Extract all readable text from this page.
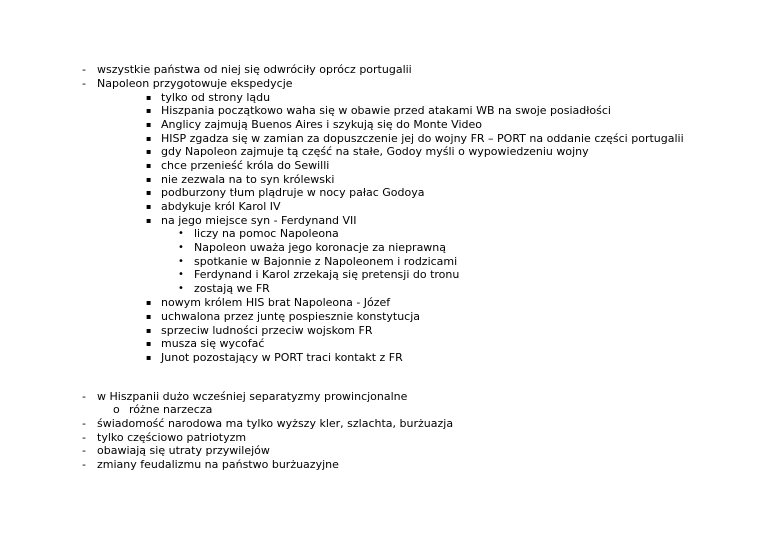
- wszystkie państwa od niej się odwróciły oprócz portugalii
- Napoleon przygotowuje ekspedycje
▪ tylko od strony lądu
▪ Hiszpania początkowo waha się w obawie przed atakami WB na swoje posiadłości
▪ Anglicy zajmują Buenos Aires i szykują się do Monte Video
▪ HISP zgadza się w zamian za dopuszczenie jej do wojny FR – PORT na oddanie części portugalii
▪ gdy Napoleon zajmuje tą część na stałe, Godoy myśli o wypowiedzeniu wojny
▪ chce przenieść króla do Sewilli
▪ nie zezwala na to syn królewski
▪ podburzony tłum plądruje w nocy pałac Godoya
▪ abdykuje król Karol IV
▪ na jego miejsce syn - Ferdynand VII
• liczy na pomoc Napoleona
• Napoleon uważa jego koronacje za nieprawną
• spotkanie w Bajonnie z Napoleonem i rodzicami
• Ferdynand i Karol zrzekają się pretensji do tronu
• zostają we FR
▪ nowym królem HIS brat Napoleona - Józef
▪ uchwalona przez juntę pospiesznie konstytucja
▪ sprzeciw ludności przeciw wojskom FR
▪ musza się wycofać
▪ Junot pozostający w PORT traci kontakt z FR
- w Hiszpanii dużo wcześniej separatyzmy prowincjonalne
o różne narzecza
- świadomość narodowa ma tylko wyższy kler, szlachta, burżuazja
- tylko częściowo patriotyzm
- obawiają się utraty przywilejów
- zmiany feudalizmu na państwo burżuazyjne
